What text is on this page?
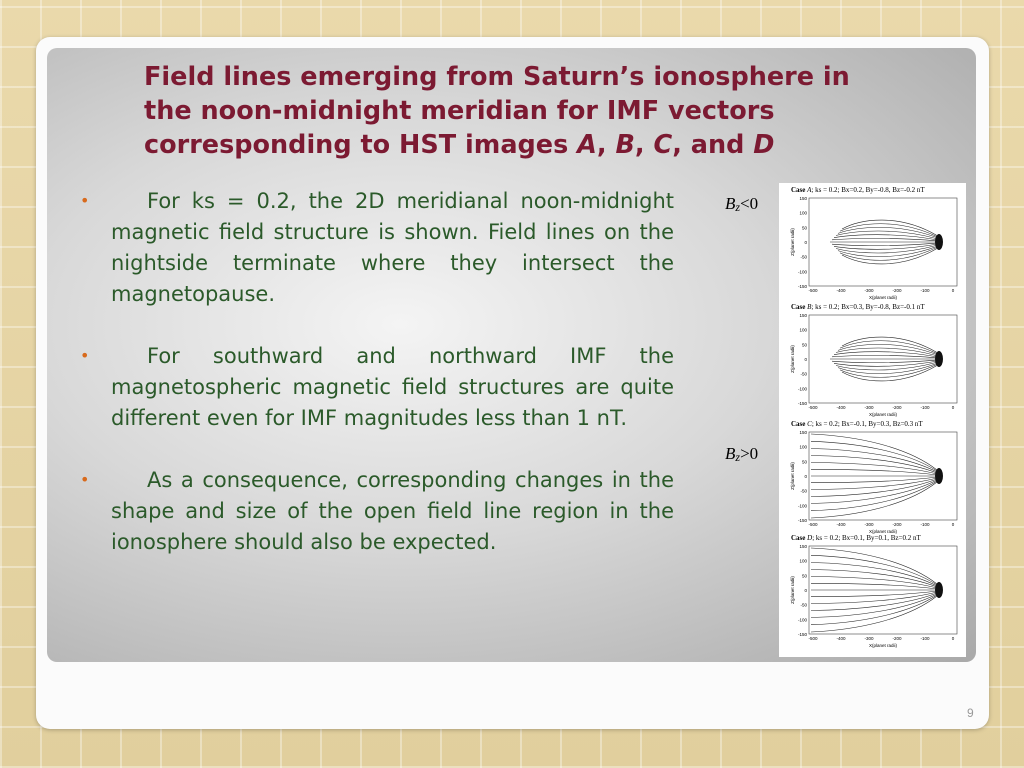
Field lines emerging from Saturn’s ionosphere in
the noon-midnight meridian for IMF vectors
corresponding to HST images A, B, C, and D
•	For ks = 0.2, the 2D meridianal noon-midnight magnetic field structure is shown. Field lines on the nightside terminate where they intersect the magnetopause.
•	For southward and northward IMF the magnetospheric magnetic field structures are quite different even for IMF magnitudes less than 1 nT.
•	As a consequence, corresponding changes in the shape and size of the open field line region in the ionosphere should also be expected.
$B_z<0$
$B_z>0$
Case A; ks = 0.2; Bx=0.2, By=-0.8, Bz=-0.2 nT
150
100
50
0
-50
-100
-150
-500	-400	-300	-200	-100	0
X(planet radii)
Z(planet radii)
Case B; ks = 0.2; Bx=0.3, By=-0.8, Bz=-0.1 nT
150
100
50
0
-50
-100
-150
-500	-400	-300	-200	-100	0
X(planet radii)
Z(planet radii)
Case C; ks = 0.2; Bx=-0.1, By=0.3, Bz=0.3 nT
150
100
50
0
-50
-100
-150
-500	-400	-300	-200	-100	0
X(planet radii)
Z(planet radii)
Case D; ks = 0.2; Bx=0.1, By=0.1, Bz=0.2 nT
150
100
50
0
-50
-100
-150
-500	-400	-300	-200	-100	0
X(planet radii)
Z(planet radii)
9
